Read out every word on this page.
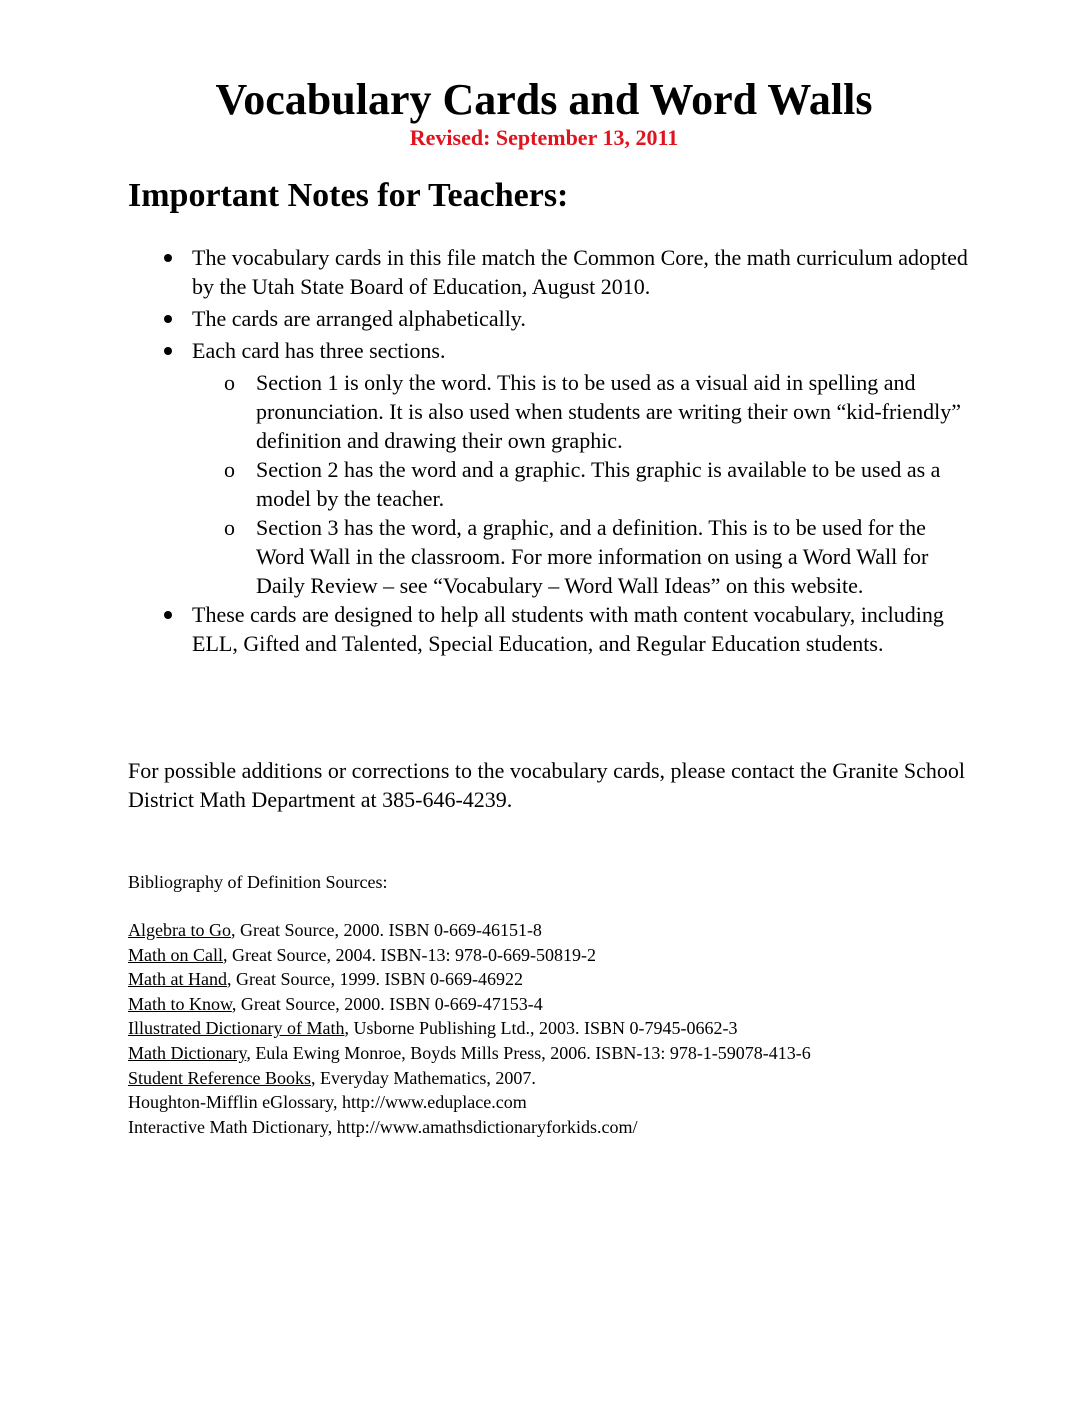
Vocabulary Cards and Word Walls
Revised: September 13, 2011
Important Notes for Teachers:
The vocabulary cards in this file match the Common Core, the math curriculum adopted by the Utah State Board of Education, August 2010.
The cards are arranged alphabetically.
Each card has three sections.
o Section 1 is only the word. This is to be used as a visual aid in spelling and pronunciation. It is also used when students are writing their own “kid-friendly” definition and drawing their own graphic.
o Section 2 has the word and a graphic. This graphic is available to be used as a model by the teacher.
o Section 3 has the word, a graphic, and a definition. This is to be used for the Word Wall in the classroom. For more information on using a Word Wall for Daily Review – see “Vocabulary – Word Wall Ideas” on this website.
These cards are designed to help all students with math content vocabulary, including ELL, Gifted and Talented, Special Education, and Regular Education students.

For possible additions or corrections to the vocabulary cards, please contact the Granite School District Math Department at 385-646-4239.

Bibliography of Definition Sources:
Algebra to Go, Great Source, 2000. ISBN 0-669-46151-8
Math on Call, Great Source, 2004. ISBN-13: 978-0-669-50819-2
Math at Hand, Great Source, 1999. ISBN 0-669-46922
Math to Know, Great Source, 2000. ISBN 0-669-47153-4
Illustrated Dictionary of Math, Usborne Publishing Ltd., 2003. ISBN 0-7945-0662-3
Math Dictionary, Eula Ewing Monroe, Boyds Mills Press, 2006. ISBN-13: 978-1-59078-413-6
Student Reference Books, Everyday Mathematics, 2007.
Houghton-Mifflin eGlossary, http://www.eduplace.com
Interactive Math Dictionary, http://www.amathsdictionaryforkids.com/
